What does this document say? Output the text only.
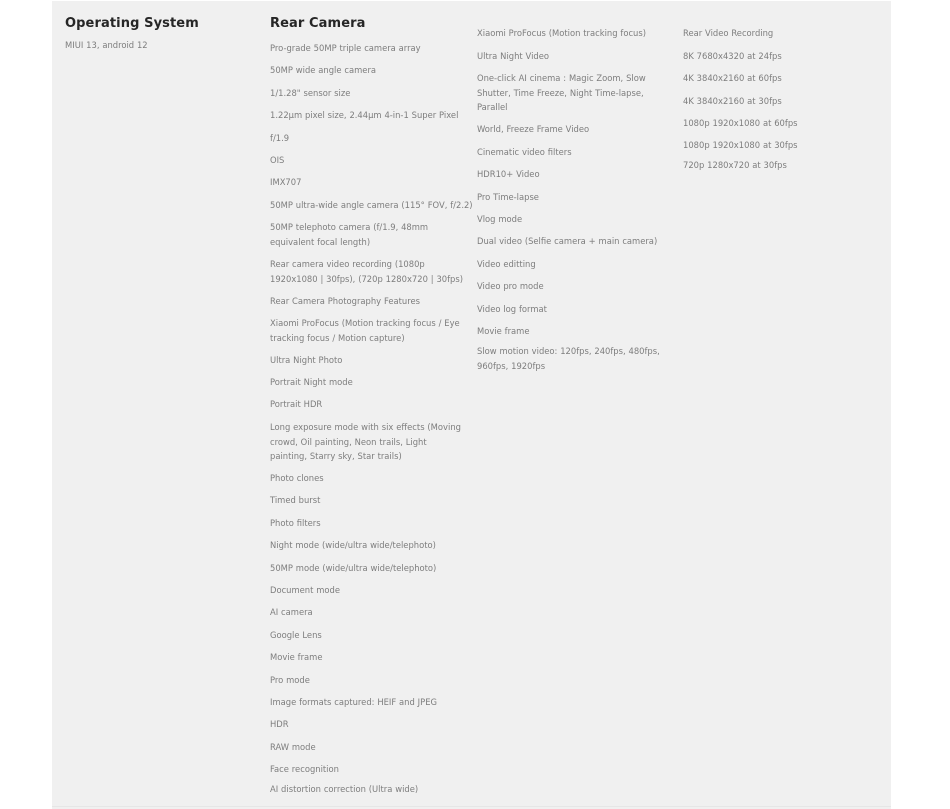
Operating System
MIUI 13, android 12
Rear Camera
Pro-grade 50MP triple camera array
50MP wide angle camera
1/1.28" sensor size
1.22μm pixel size, 2.44μm 4-in-1 Super Pixel
f/1.9
OIS
IMX707
50MP ultra-wide angle camera (115° FOV, f/2.2)
50MP telephoto camera (f/1.9, 48mm equivalent focal length)
Rear camera video recording (1080p 1920x1080 | 30fps), (720p 1280x720 | 30fps)
Rear Camera Photography Features
Xiaomi ProFocus (Motion tracking focus / Eye tracking focus / Motion capture)
Ultra Night Photo
Portrait Night mode
Portrait HDR
Long exposure mode with six effects (Moving crowd, Oil painting, Neon trails, Light painting, Starry sky, Star trails)
Photo clones
Timed burst
Photo filters
Night mode (wide/ultra wide/telephoto)
50MP mode (wide/ultra wide/telephoto)
Document mode
AI camera
Google Lens
Movie frame
Pro mode
Image formats captured: HEIF and JPEG
HDR
RAW mode
Face recognition
AI distortion correction (Ultra wide)
Xiaomi ProFocus (Motion tracking focus)
Ultra Night Video
One-click AI cinema : Magic Zoom, Slow Shutter, Time Freeze, Night Time-lapse, Parallel
World, Freeze Frame Video
Cinematic video filters
HDR10+ Video
Pro Time-lapse
Vlog mode
Dual video (Selfie camera + main camera)
Video editting
Video pro mode
Video log format
Movie frame
Slow motion video: 120fps, 240fps, 480fps, 960fps, 1920fps
Rear Video Recording
8K 7680x4320 at 24fps
4K 3840x2160 at 60fps
4K 3840x2160 at 30fps
1080p 1920x1080 at 60fps
1080p 1920x1080 at 30fps
720p 1280x720 at 30fps
